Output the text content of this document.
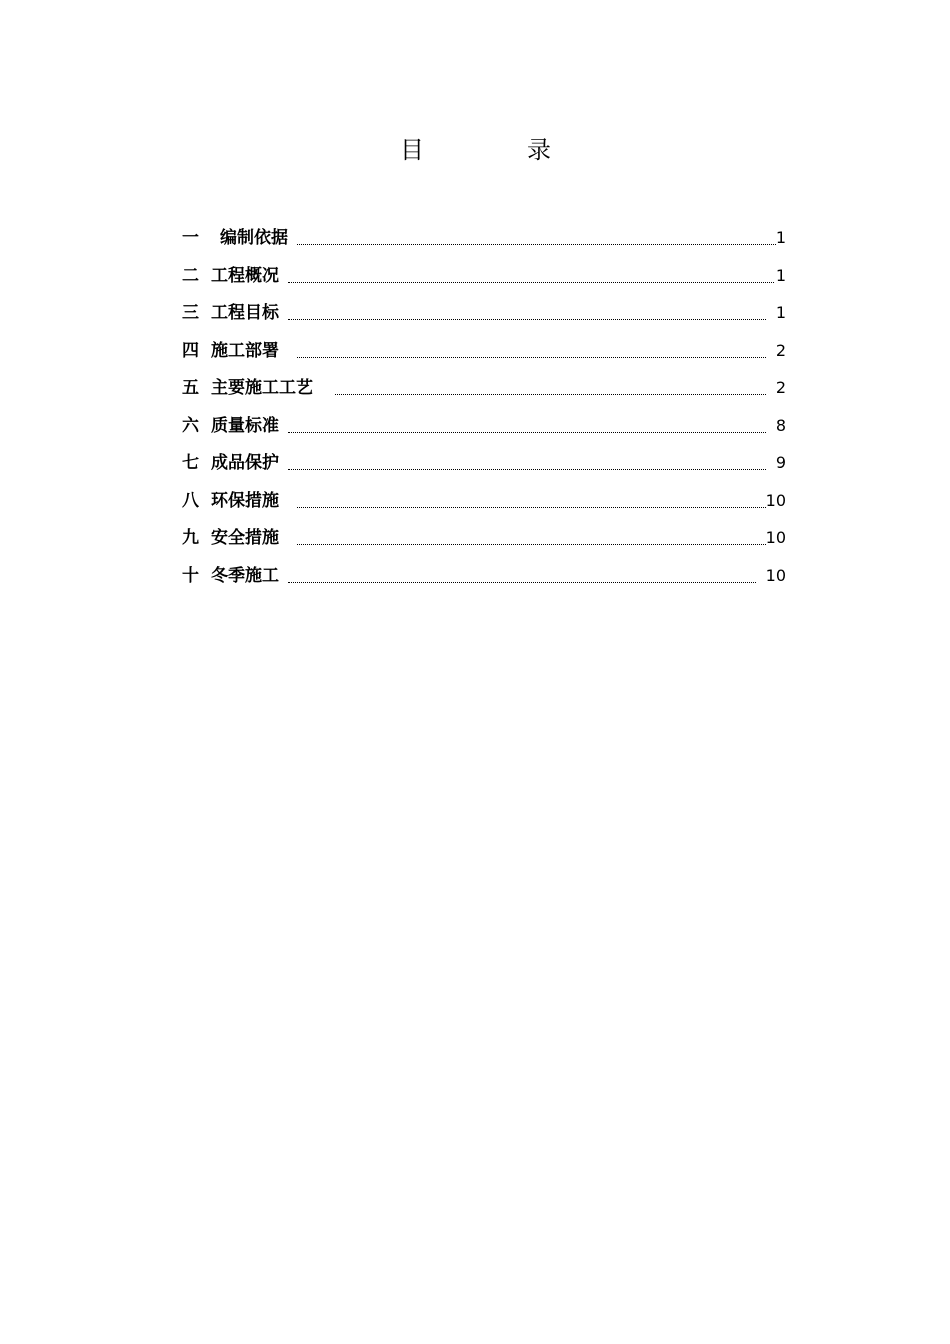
目	录
一 编制依据	1
二 工程概况	1
三 工程目标	1
四 施工部署	2
五 主要施工工艺	2
六 质量标准	8
七 成品保护	9
八 环保措施	10
九 安全措施	10
十 冬季施工	10
